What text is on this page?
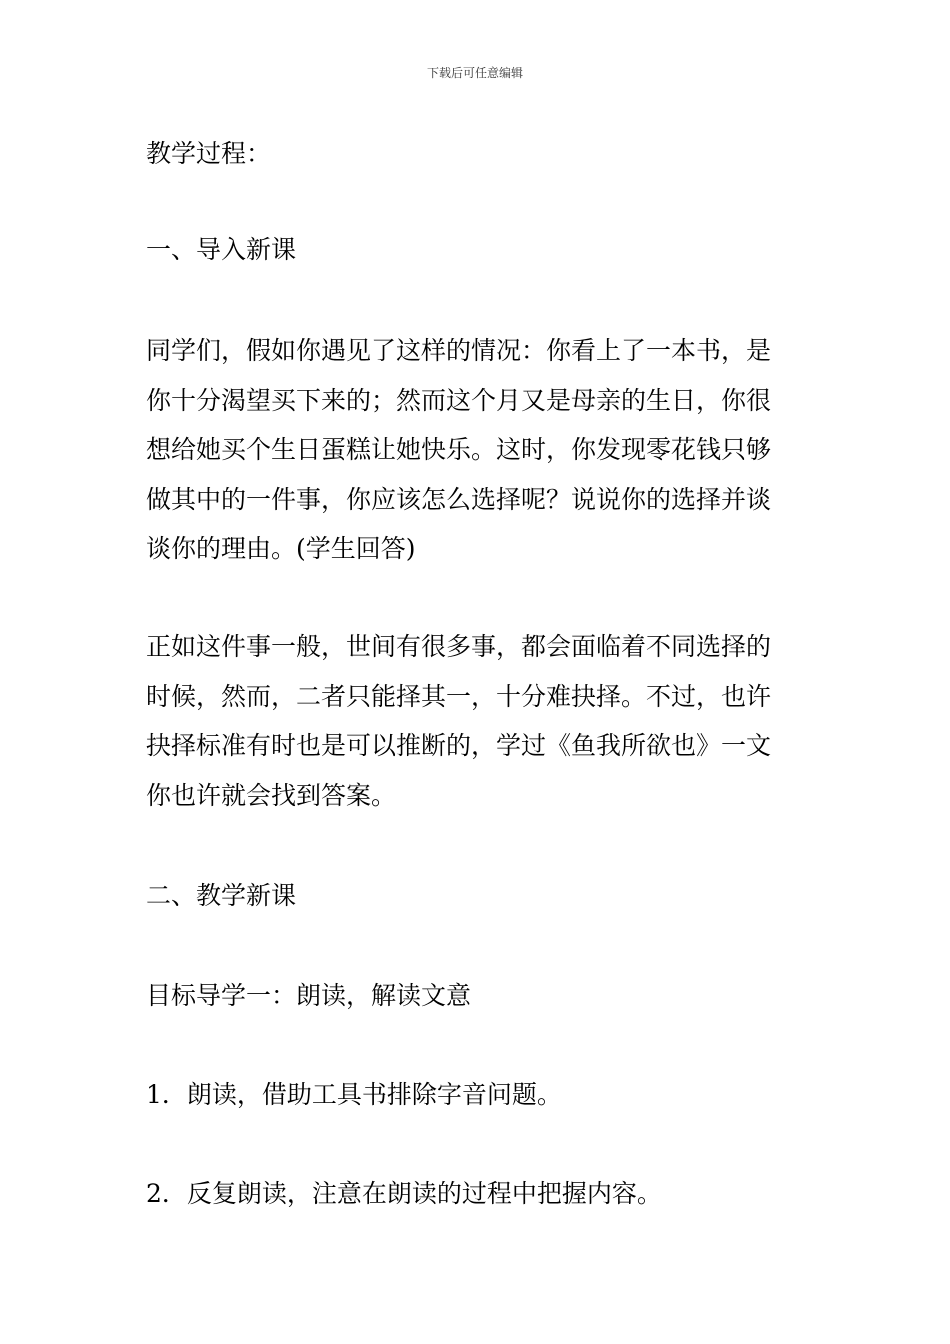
下载后可任意编辑

教学过程：

一、导入新课

同学们，假如你遇见了这样的情况：你看上了一本书，是
你十分渴望买下来的；然而这个月又是母亲的生日，你很
想给她买个生日蛋糕让她快乐。这时，你发现零花钱只够
做其中的一件事，你应该怎么选择呢？说说你的选择并谈
谈你的理由。(学生回答)
正如这件事一般，世间有很多事，都会面临着不同选择的
时候，然而，二者只能择其一，十分难抉择。不过，也许
抉择标准有时也是可以推断的，学过《鱼我所欲也》一文
你也许就会找到答案。

二、教学新课

目标导学一：朗读，解读文意

1．朗读，借助工具书排除字音问题。

2．反复朗读，注意在朗读的过程中把握内容。
